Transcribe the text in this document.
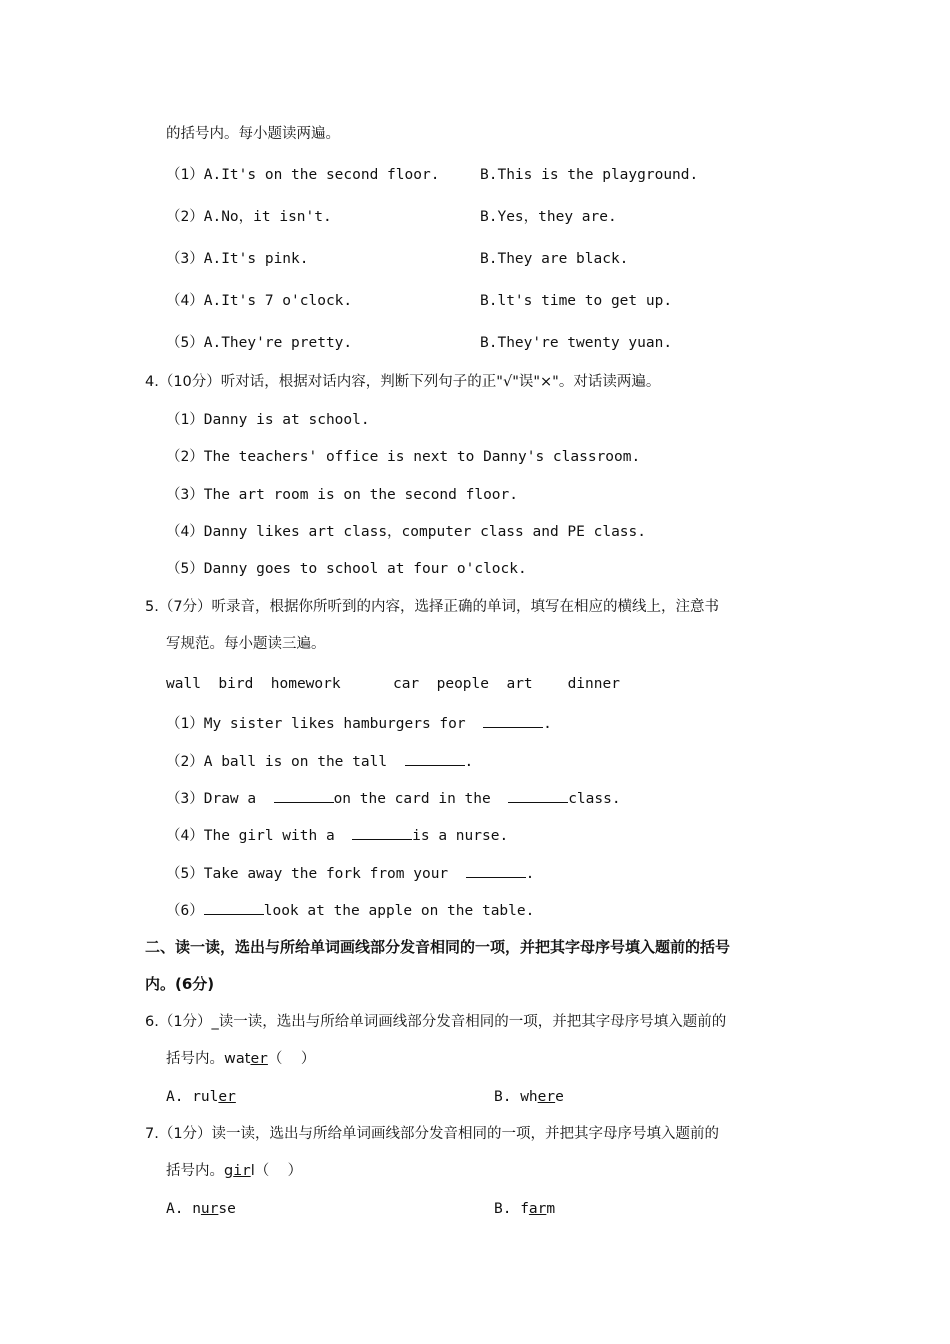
的括号内。每小题读两遍。
（1）A.It's on the second floor.	B.This is the playground.
（2）A.No，it isn't.	B.Yes，they are.
（3）A.It's pink.	B.They are black.
（4）A.It's 7 o'clock.	B.lt's time to get up.
（5）A.They're pretty.	B.They're twenty yuan.
4.（10分）听对话，根据对话内容，判断下列句子的正"√"误"×"。对话读两遍。
（1）Danny is at school.
（2）The teachers' office is next to Danny's classroom.
（3）The art room is on the second floor.
（4）Danny likes art class，computer class and PE class.
（5）Danny goes to school at four o'clock.
5.（7分）听录音，根据你所听到的内容，选择正确的单词，填写在相应的横线上，注意书
写规范。每小题读三遍。
wall  bird  homework      car  people  art    dinner
（1）My sister likes hamburgers for	.
（2）A ball is on the tall	.
（3）Draw a	on the card in the	class.
（4）The girl with a	is a nurse.
（5）Take away the fork from your	.
（6）	look at the apple on the table.
二、读一读，选出与所给单词画线部分发音相同的一项，并把其字母序号填入题前的括号
内。(6分)
6.（1分）_读一读，选出与所给单词画线部分发音相同的一项，并把其字母序号填入题前的
括号内。water（    ）
A. ruler	B. where
7.（1分）读一读，选出与所给单词画线部分发音相同的一项，并把其字母序号填入题前的
括号内。girl（    ）
A. nurse	B. farm
